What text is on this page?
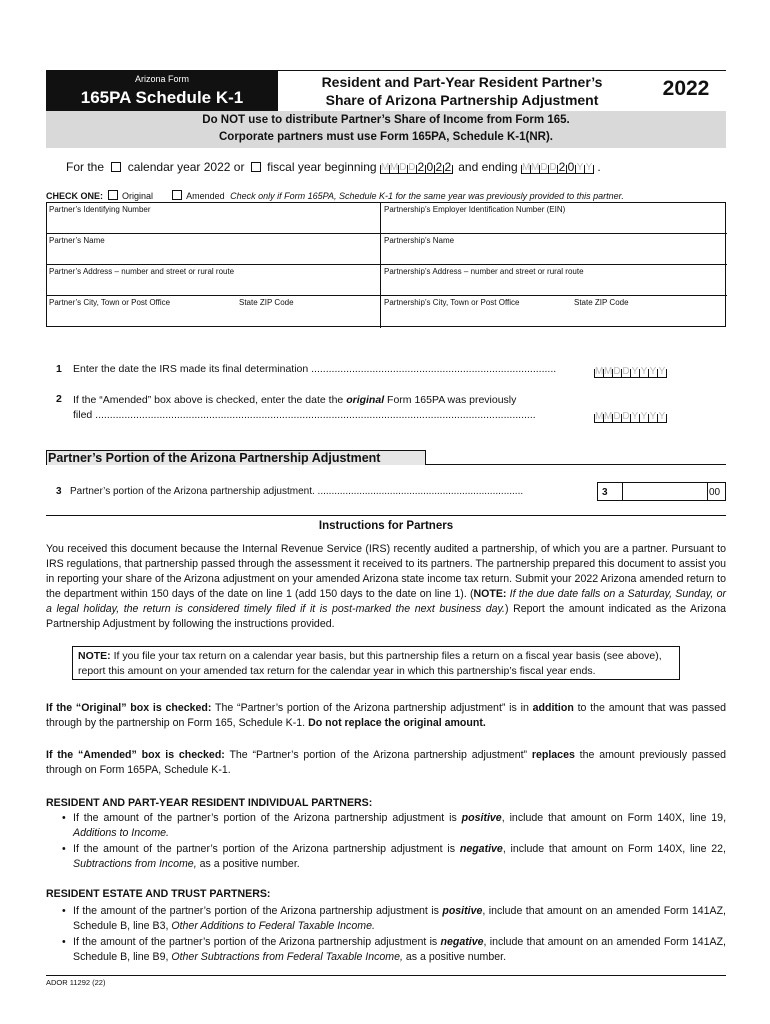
Arizona Form
165PA Schedule K-1
Resident and Part-Year Resident Partner’s
Share of Arizona Partnership Adjustment	2022
Do NOT use to distribute Partner’s Share of Income from Form 165.
Corporate partners must use Form 165PA, Schedule K-1(NR).
For the calendar year 2022 or fiscal year beginning M M D D 2 0 2 2 and ending M M D D 2 0 Y Y .
CHECK ONE: Original	Amended Check only if Form 165PA, Schedule K-1 for the same year was previously provided to this partner.
Partner’s Identifying Number	Partnership’s Employer Identification Number (EIN)
Partner’s Name	Partnership’s Name
Partner’s Address – number and street or rural route	Partnership’s Address – number and street or rural route
Partner’s City, Town or Post Office	State ZIP Code	Partnership’s City, Town or Post Office	State ZIP Code
1 Enter the date the IRS made its final determination ....................................................................................	M M D D Y Y Y Y
2 If the “Amended” box above is checked, enter the date the original Form 165PA was previously
filed .......................................................................................................................................................	M M D D Y Y Y Y
Partner’s Portion of the Arizona Partnership Adjustment
3 Partner’s portion of the Arizona partnership adjustment. ..........................................................................	3	00
Instructions for Partners

You received this document because the Internal Revenue Service (IRS) recently audited a partnership, of which you are a partner. Pursuant to IRS regulations, that partnership passed through the assessment it received to its partners. The partnership prepared this document to assist you in reporting your share of the Arizona adjustment on your amended Arizona state income tax return. Submit your 2022 Arizona amended return to the department within 150 days of the date on line 1 (add 150 days to the date on line 1). (NOTE: If the due date falls on a Saturday, Sunday, or a legal holiday, the return is considered timely filed if it is post-marked the next business day.) Report the amount indicated as the Arizona Partnership Adjustment by following the instructions provided.

NOTE: If you file your tax return on a calendar year basis, but this partnership files a return on a fiscal year basis (see above), report this amount on your amended tax return for the calendar year in which this partnership’s fiscal year ends.

If the “Original” box is checked: The “Partner’s portion of the Arizona partnership adjustment” is in addition to the amount that was passed through by the partnership on Form 165, Schedule K-1. Do not replace the original amount.

If the “Amended” box is checked: The “Partner’s portion of the Arizona partnership adjustment” replaces the amount previously passed through on Form 165PA, Schedule K-1.

RESIDENT AND PART-YEAR RESIDENT INDIVIDUAL PARTNERS:
• If the amount of the partner’s portion of the Arizona partnership adjustment is positive, include that amount on Form 140X, line 19, Additions to Income.
• If the amount of the partner’s portion of the Arizona partnership adjustment is negative, include that amount on Form 140X, line 22, Subtractions from Income, as a positive number.
RESIDENT ESTATE AND TRUST PARTNERS:
• If the amount of the partner’s portion of the Arizona partnership adjustment is positive, include that amount on an amended Form 141AZ, Schedule B, line B3, Other Additions to Federal Taxable Income.
• If the amount of the partner’s portion of the Arizona partnership adjustment is negative, include that amount on an amended Form 141AZ, Schedule B, line B9, Other Subtractions from Federal Taxable Income, as a positive number.
ADOR 11292 (22)
